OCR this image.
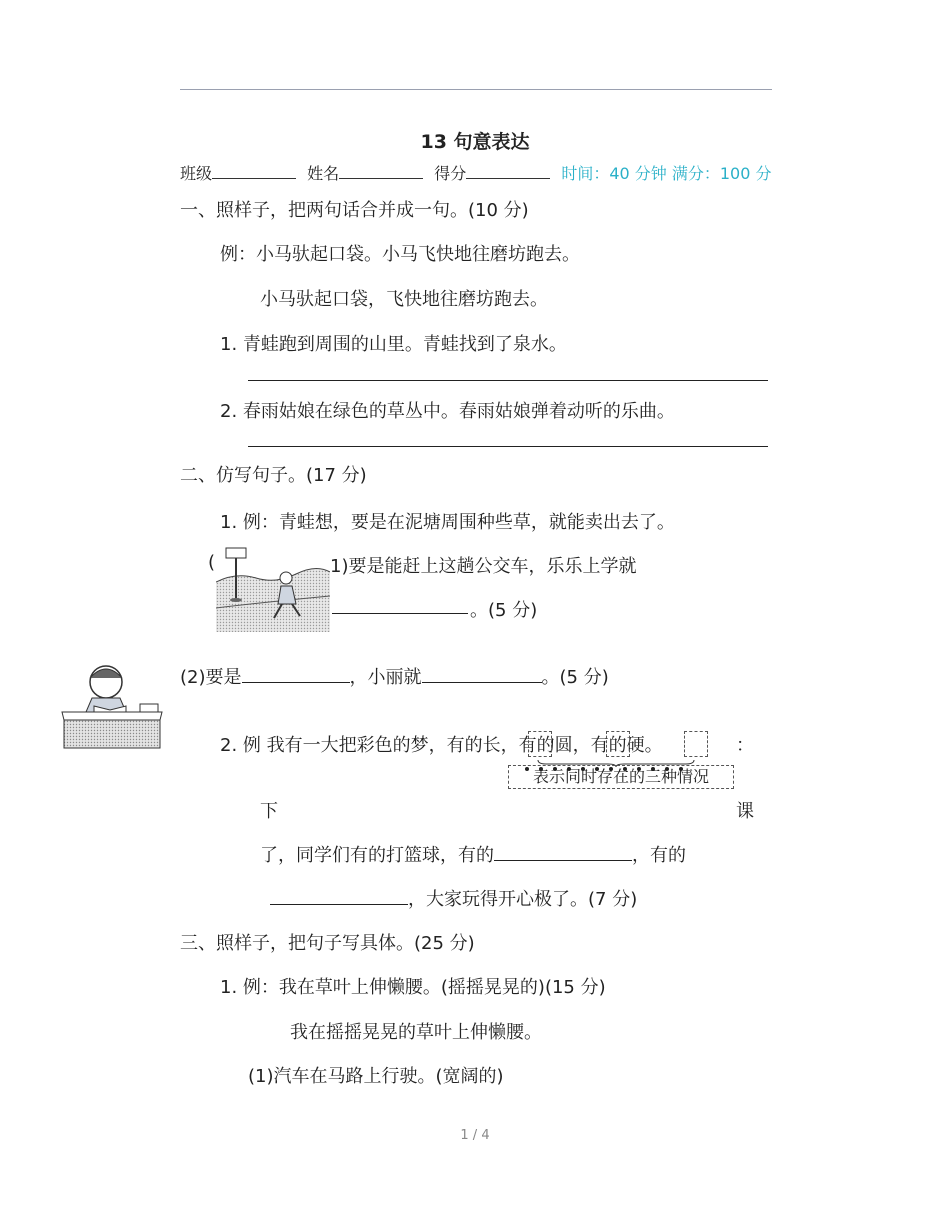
13 句意表达
班级	姓名	得分	时间：40 分钟 满分：100 分
一、照样子，把两句话合并成一句。(10 分)
例：小马驮起口袋。小马飞快地往磨坊跑去。
小马驮起口袋，飞快地往磨坊跑去。
1. 青蛙跑到周围的山里。青蛙找到了泉水。
2. 春雨姑娘在绿色的草丛中。春雨姑娘弹着动听的乐曲。
二、仿写句子。(17 分)
1. 例：青蛙想，要是在泥塘周围种些草，就能卖出去了。
(	1)要是能赶上这趟公交车，乐乐上学就
。(5 分)
(2)要是	，小丽就	。(5 分)
2. 例 我有一大把彩色的梦，有的长，有的圆，有的硬。	：
表示同时存在的三种情况
下	课
了，同学们有的打篮球，有的	，有的
，大家玩得开心极了。(7 分)
三、照样子，把句子写具体。(25 分)
1. 例：我在草叶上伸懒腰。(摇摇晃晃的)(15 分)
我在摇摇晃晃的草叶上伸懒腰。
(1)汽车在马路上行驶。(宽阔的)
1 / 4
